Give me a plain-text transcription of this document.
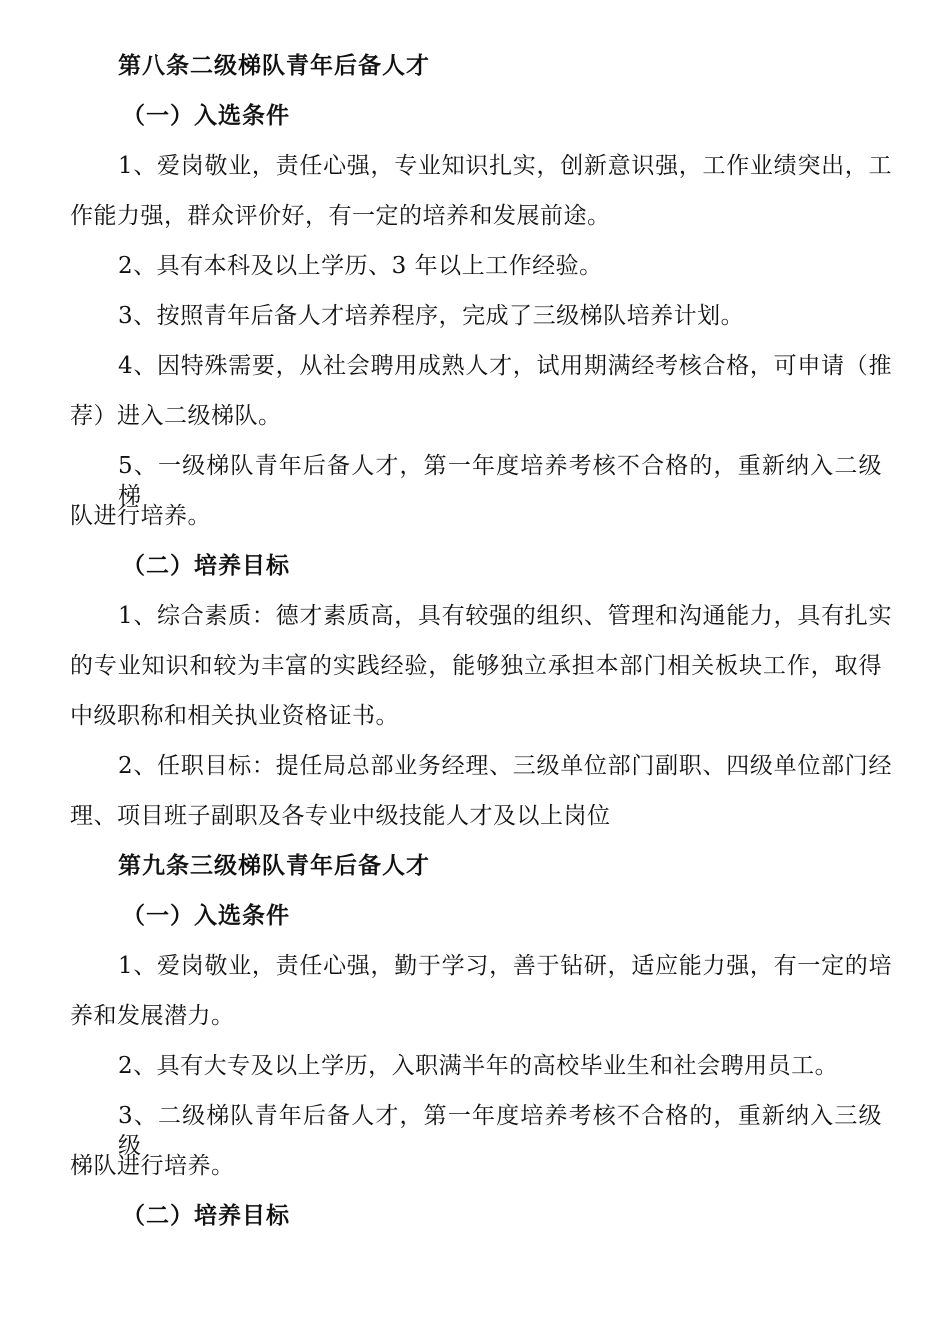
第八条二级梯队青年后备人才
（一）入选条件
1、爱岗敬业，责任心强，专业知识扎实，创新意识强，工作业绩突出，工
作能力强，群众评价好，有一定的培养和发展前途。
2、具有本科及以上学历、3 年以上工作经验。
3、按照青年后备人才培养程序，完成了三级梯队培养计划。
4、因特殊需要，从社会聘用成熟人才，试用期满经考核合格，可申请（推
荐）进入二级梯队。
5、一级梯队青年后备人才，第一年度培养考核不合格的，重新纳入二级梯
队进行培养。
（二）培养目标
1、综合素质：德才素质高，具有较强的组织、管理和沟通能力，具有扎实
的专业知识和较为丰富的实践经验，能够独立承担本部门相关板块工作，取得
中级职称和相关执业资格证书。
2、任职目标：提任局总部业务经理、三级单位部门副职、四级单位部门经
理、项目班子副职及各专业中级技能人才及以上岗位
第九条三级梯队青年后备人才
（一）入选条件
1、爱岗敬业，责任心强，勤于学习，善于钻研，适应能力强，有一定的培
养和发展潜力。
2、具有大专及以上学历，入职满半年的高校毕业生和社会聘用员工。
3、二级梯队青年后备人才，第一年度培养考核不合格的，重新纳入三级级
梯队进行培养。
（二）培养目标
